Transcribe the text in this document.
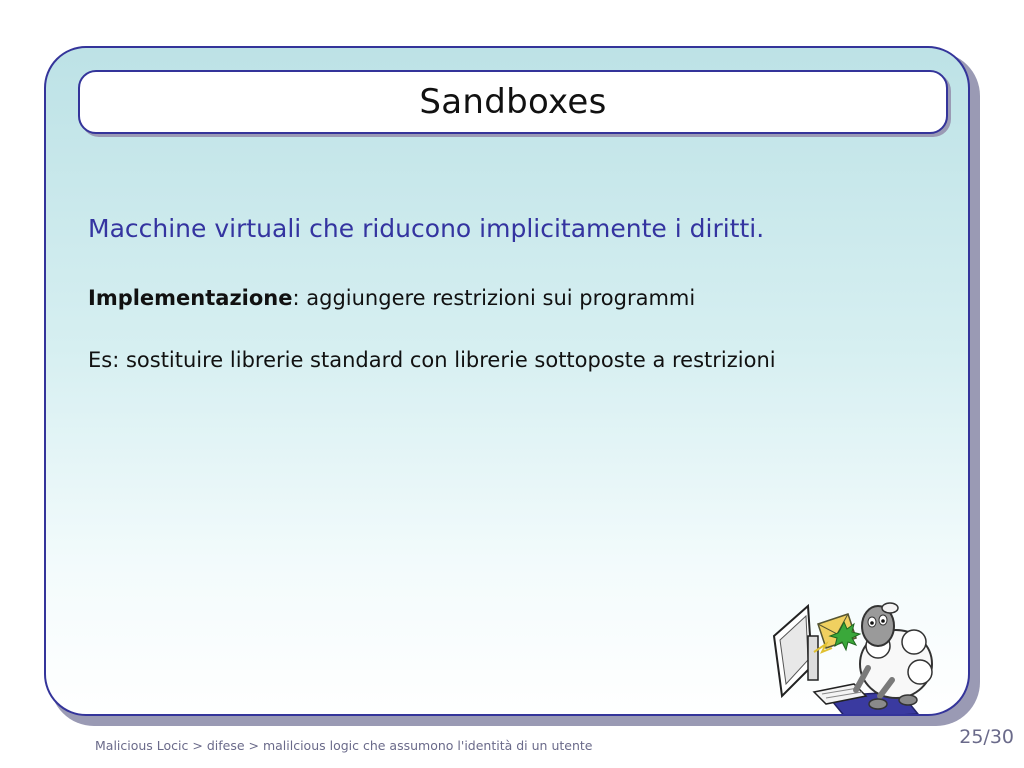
Sandboxes
Macchine virtuali che riducono implicitamente i diritti.
Implementazione: aggiungere restrizioni sui programmi
Es: sostituire librerie standard con librerie sottoposte a restrizioni
Malicious Locic > difese > malilcious logic che assumono l'identità di un utente	25/30
